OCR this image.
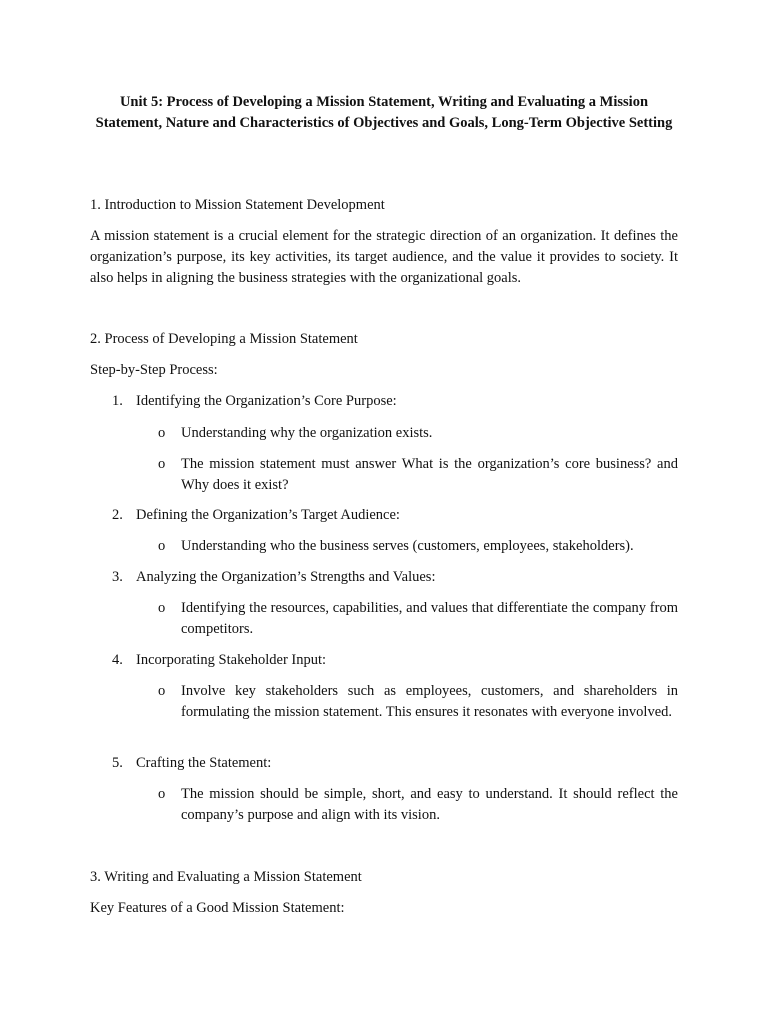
Unit 5: Process of Developing a Mission Statement, Writing and Evaluating a Mission Statement, Nature and Characteristics of Objectives and Goals, Long-Term Objective Setting
1. Introduction to Mission Statement Development
A mission statement is a crucial element for the strategic direction of an organization. It defines the organization’s purpose, its key activities, its target audience, and the value it provides to society. It also helps in aligning the business strategies with the organizational goals.
2. Process of Developing a Mission Statement
Step-by-Step Process:
1. Identifying the Organization’s Core Purpose:
o Understanding why the organization exists.
o The mission statement must answer What is the organization’s core business? and Why does it exist?
2. Defining the Organization’s Target Audience:
o Understanding who the business serves (customers, employees, stakeholders).
3. Analyzing the Organization’s Strengths and Values:
o Identifying the resources, capabilities, and values that differentiate the company from competitors.
4. Incorporating Stakeholder Input:
o Involve key stakeholders such as employees, customers, and shareholders in formulating the mission statement. This ensures it resonates with everyone involved.
5. Crafting the Statement:
o The mission should be simple, short, and easy to understand. It should reflect the company’s purpose and align with its vision.
3. Writing and Evaluating a Mission Statement
Key Features of a Good Mission Statement:
